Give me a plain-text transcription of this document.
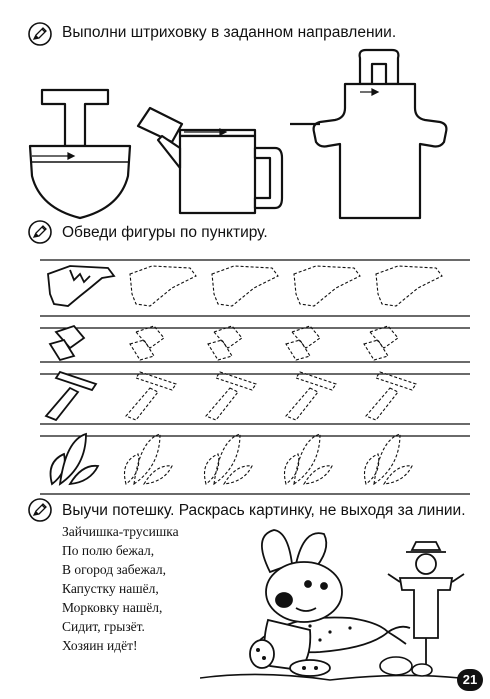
Выполни штриховку в заданном направлении.
Обведи фигуры по пунктиру.
Выучи потешку. Раскрась картинку, не выходя за линии.
Зайчишка-трусишка
По полю бежал,
В огород забежал,
Капустку нашёл,
Морковку нашёл,
Сидит, грызёт.
Хозяин идёт!
21
